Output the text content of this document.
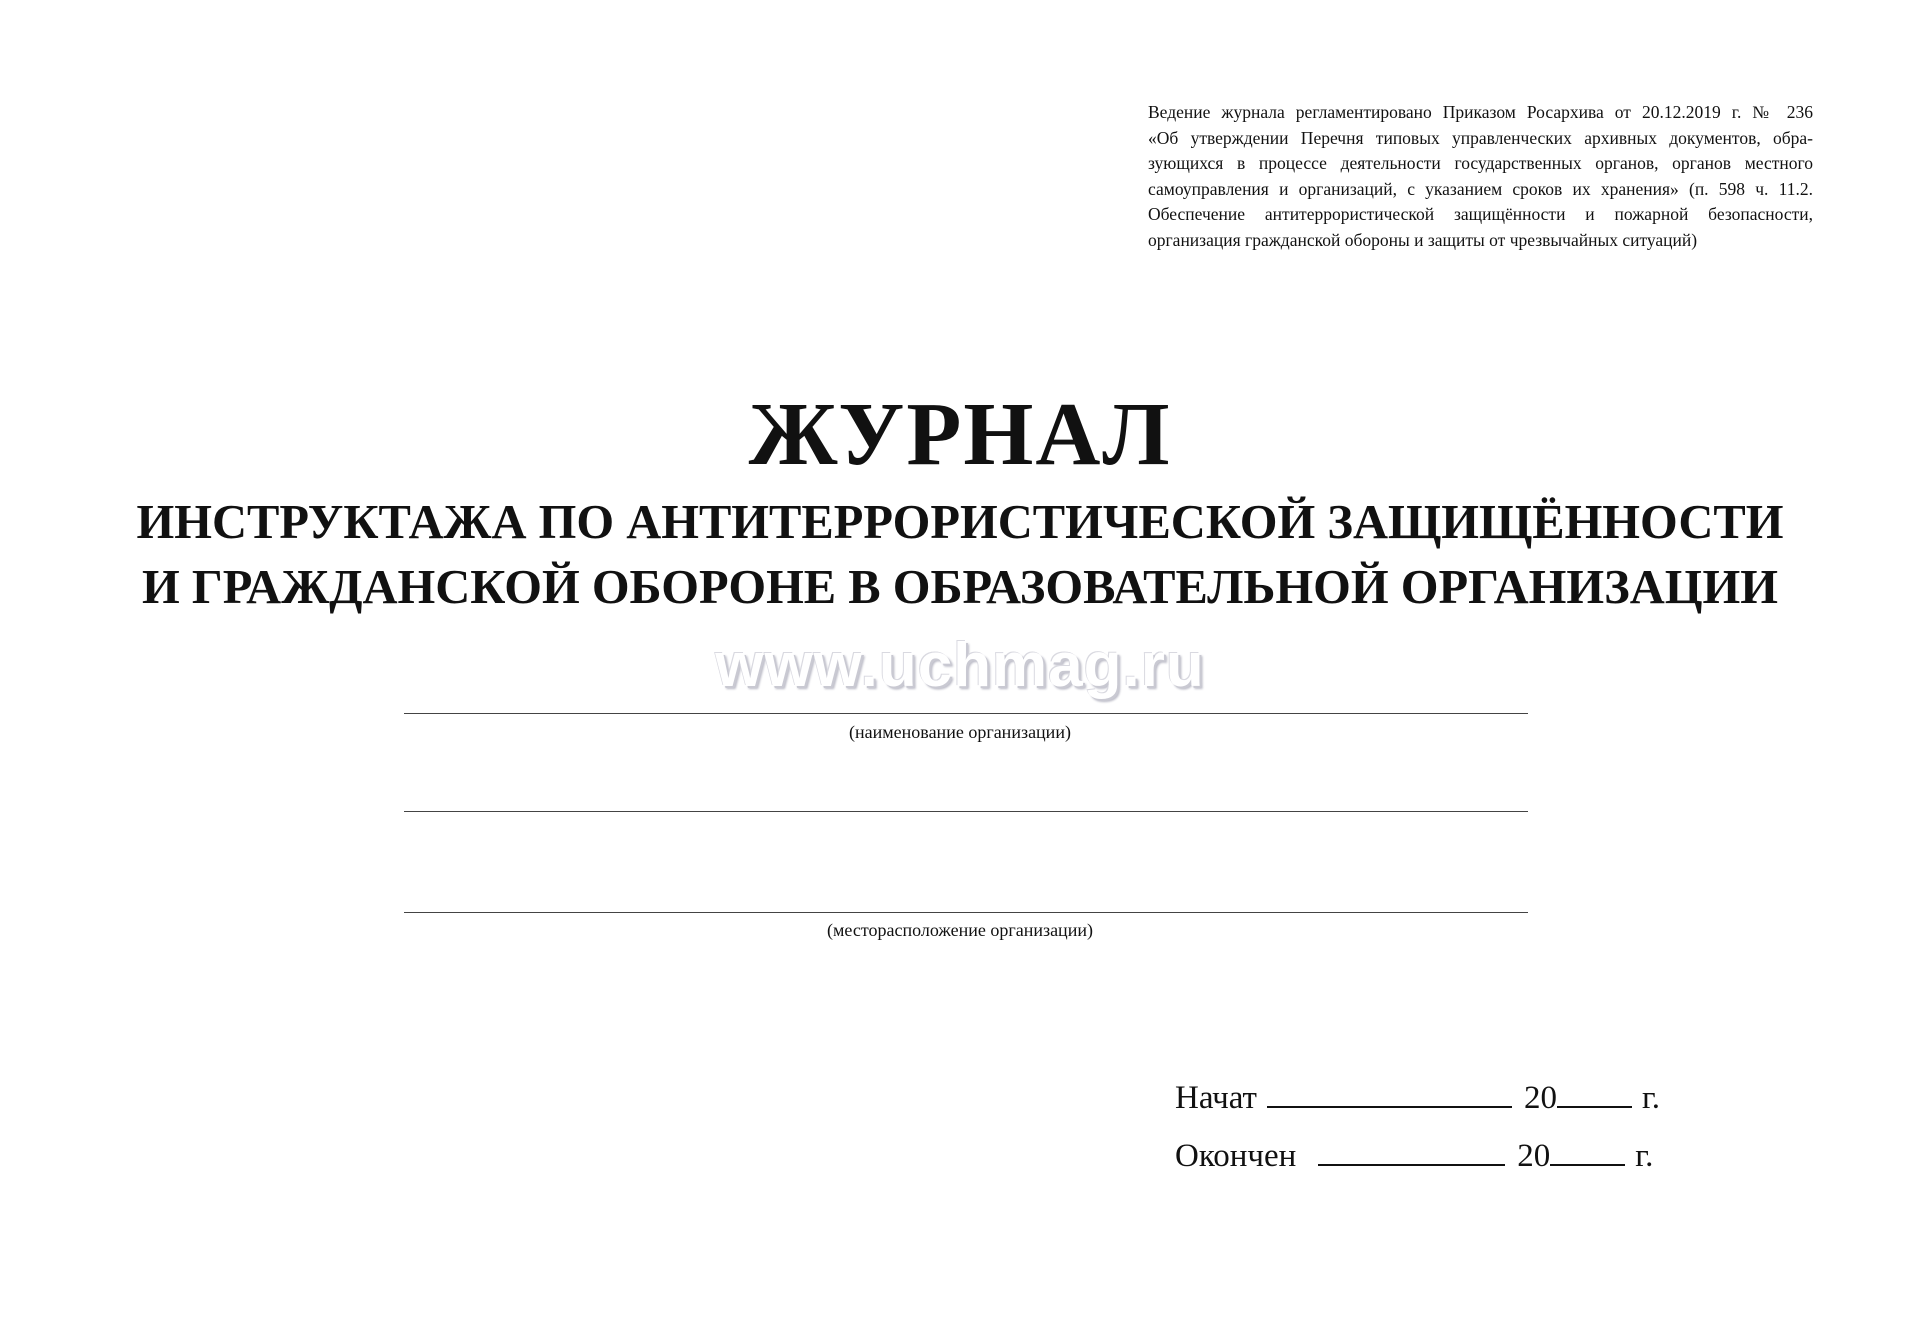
Ведение журнала регламентировано Приказом Росархива от 20.12.2019 г. № 236
«Об утверждении Перечня типовых управленческих архивных документов, обра-
зующихся в процессе деятельности государственных органов, органов местного
самоуправления и организаций, с указанием сроков их хранения» (п. 598 ч. 11.2.
Обеспечение антитеррористической защищённости и пожарной безопасности,
организация гражданской обороны и защиты от чрезвычайных ситуаций)
ЖУРНАЛ
ИНСТРУКТАЖА ПО АНТИТЕРРОРИСТИЧЕСКОЙ ЗАЩИЩЁННОСТИ
И ГРАЖДАНСКОЙ ОБОРОНЕ В ОБРАЗОВАТЕЛЬНОЙ ОРГАНИЗАЦИИ
www.uchmag.ru
(наименование организации)
(месторасположение организации)
Начат	20	г.
Окончен	20	г.
